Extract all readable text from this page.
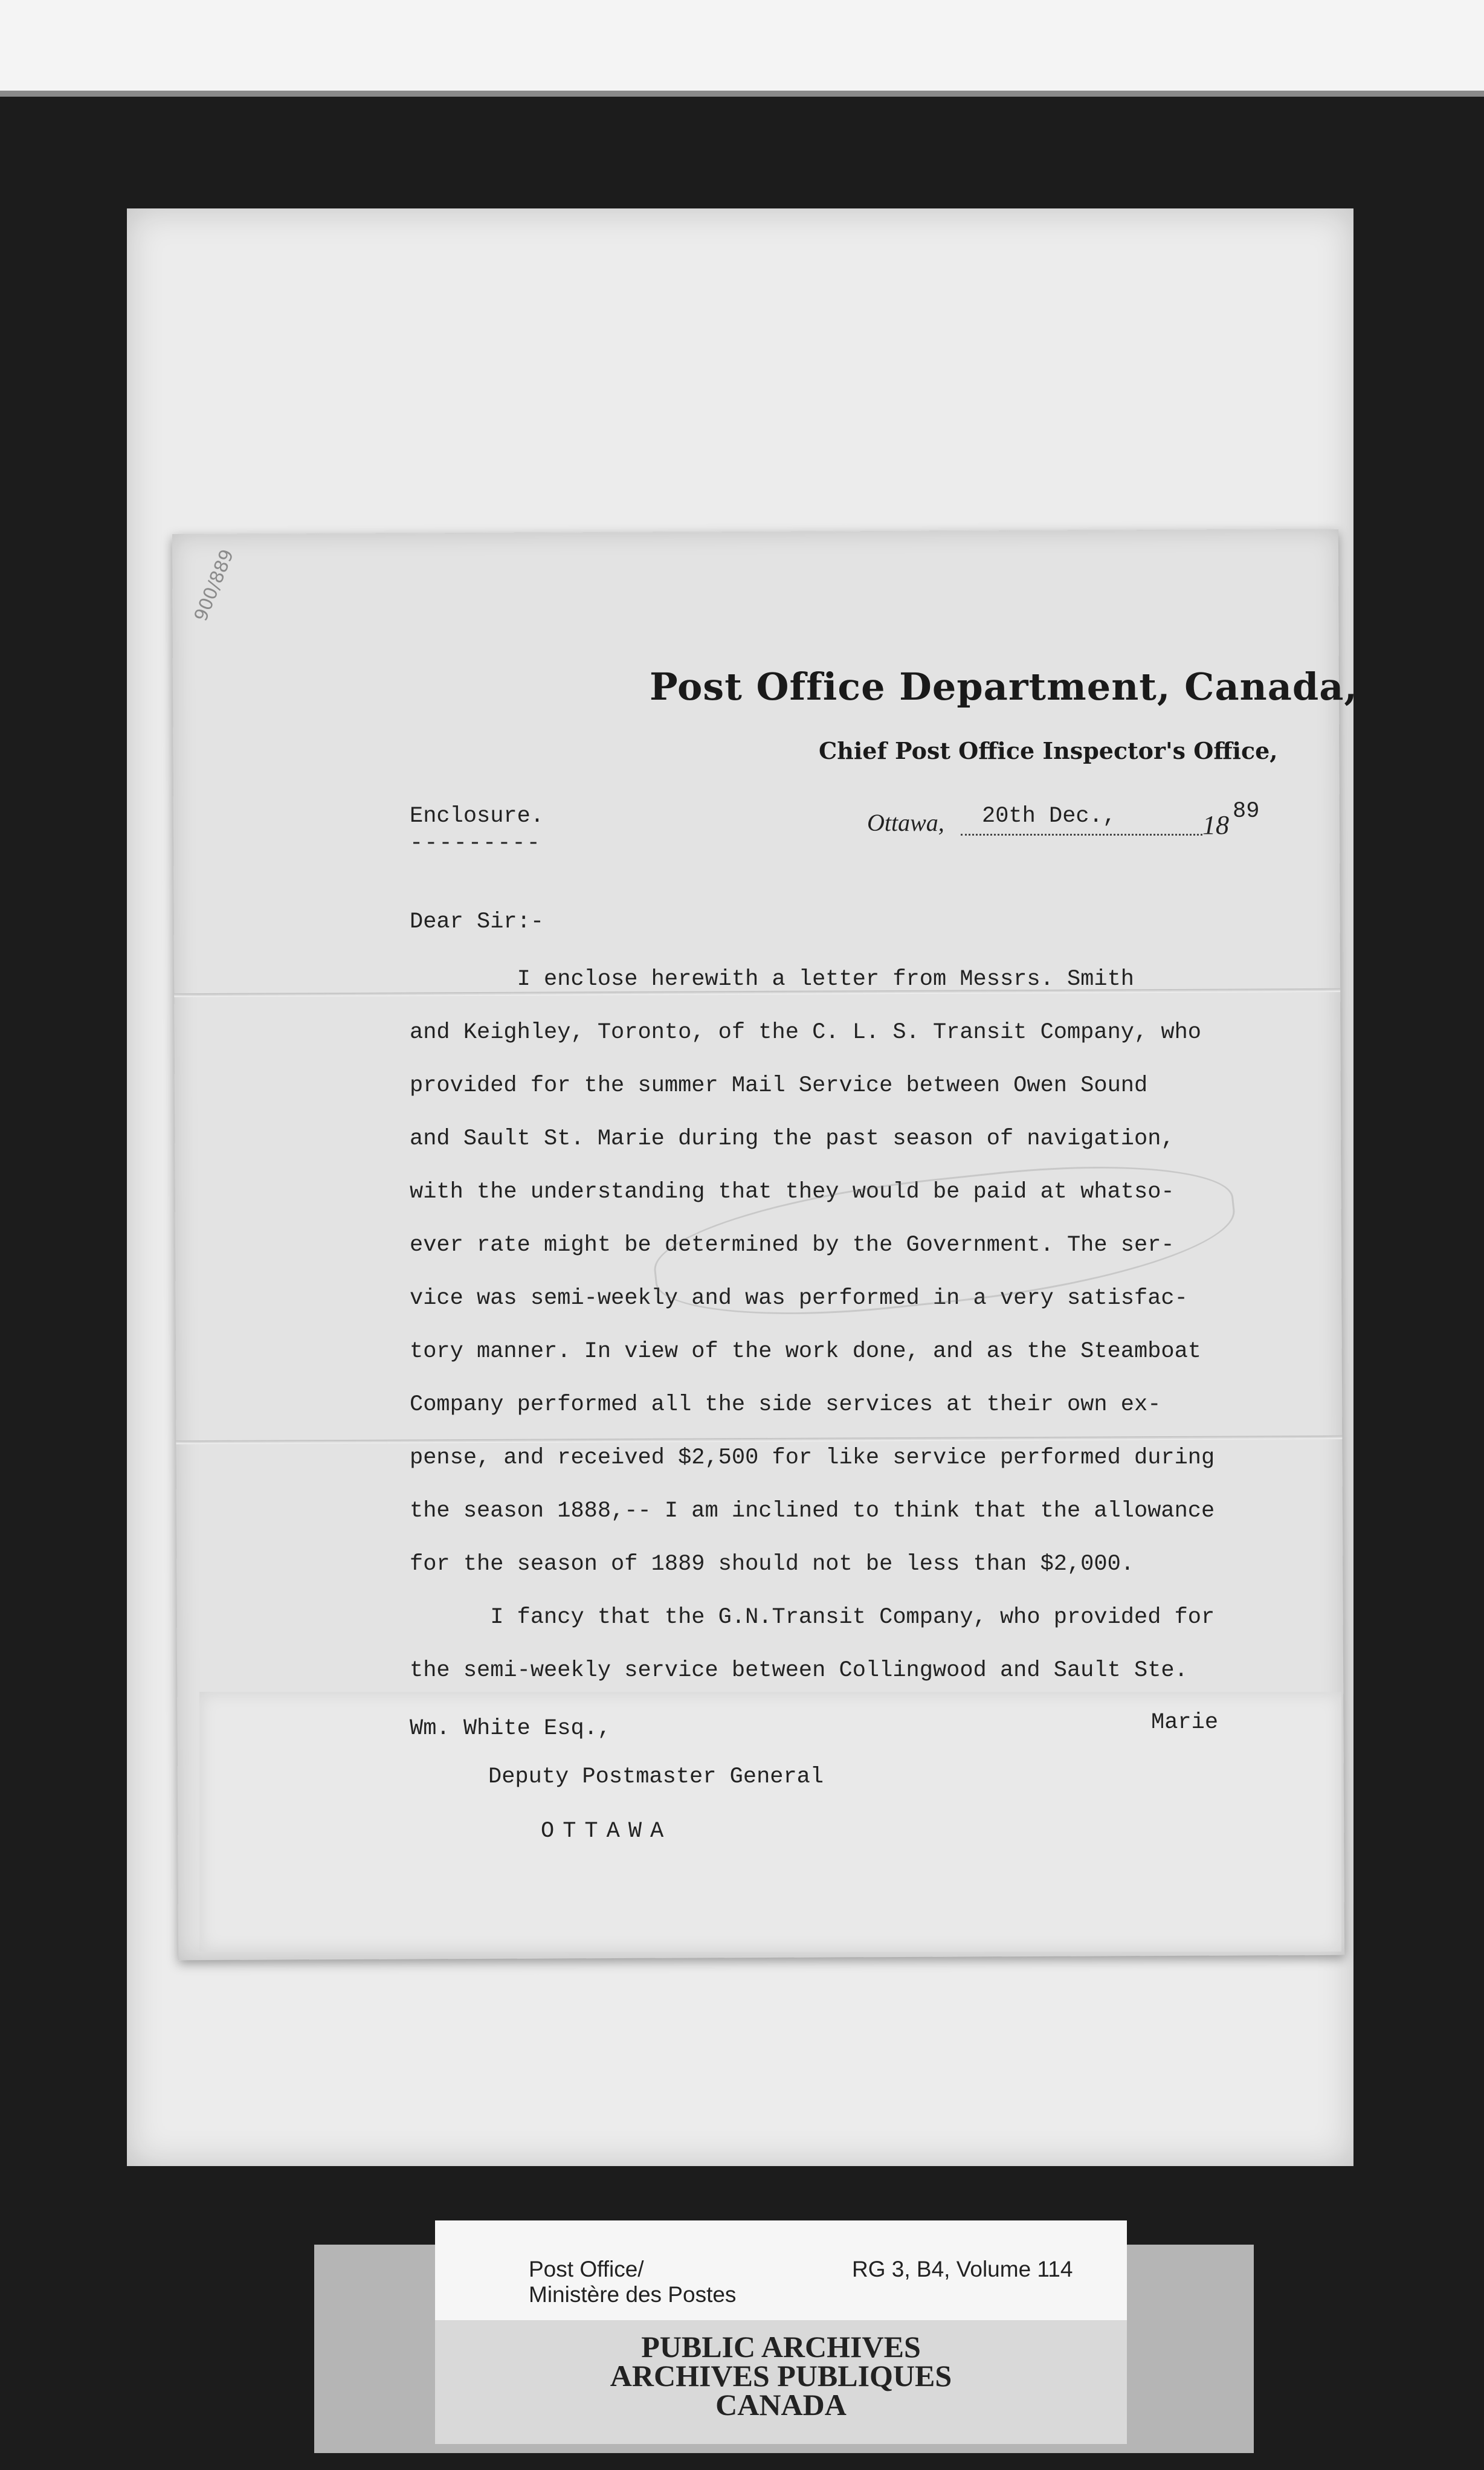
900/889
Post Office Department, Canada,
Chief Post Office Inspector's Office,
Enclosure.
---------
Ottawa, 20th Dec.,	18 89
Dear Sir:-
I enclose herewith a letter from Messrs. Smith
and Keighley, Toronto, of the C. L. S. Transit Company, who
provided for the summer Mail Service between Owen Sound
and Sault St. Marie during the past season of navigation,
with the understanding that they would be paid at whatso-
ever rate might be determined by the Government. The ser-
vice was semi-weekly and was performed in a very satisfac-
tory manner. In view of the work done, and as the Steamboat
Company performed all the side services at their own ex-
pense, and received $2,500 for like service performed during
the season 1888,-- I am inclined to think that the allowance
for the season of 1889 should not be less than $2,000.
I fancy that the G.N.Transit Company, who provided for
the semi-weekly service between Collingwood and Sault Ste.
Marie
Wm. White Esq.,
Deputy Postmaster General
OTTAWA
Post Office/
Ministère des Postes
RG 3, B4, Volume 114
PUBLIC ARCHIVES
ARCHIVES PUBLIQUES
CANADA
